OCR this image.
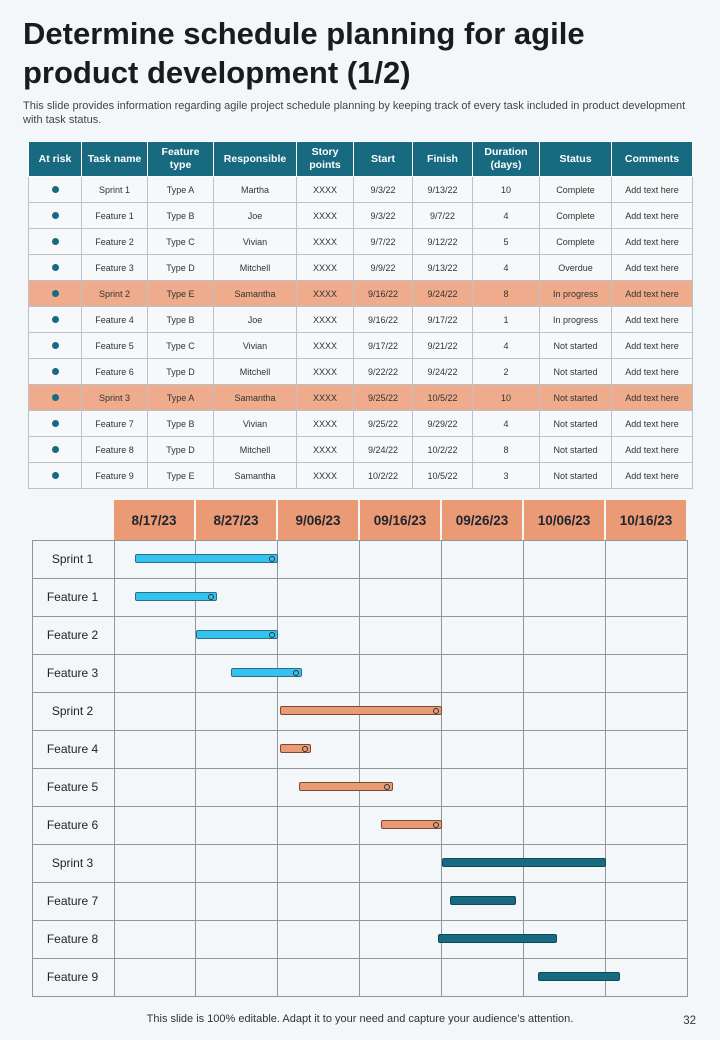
Determine schedule planning for agile product development (1/2)

This slide provides information regarding agile project schedule planning by keeping track of every task included in product development with task status.

At risk	Task name	Feature type	Responsible	Story points	Start	Finish	Duration (days)	Status	Comments
	Sprint 1	Type A	Martha	XXXX	9/3/22	9/13/22	10	Complete	Add text here
	Feature 1	Type B	Joe	XXXX	9/3/22	9/7/22	4	Complete	Add text here
	Feature 2	Type C	Vivian	XXXX	9/7/22	9/12/22	5	Complete	Add text here
	Feature 3	Type D	Mitchell	XXXX	9/9/22	9/13/22	4	Overdue	Add text here
	Sprint 2	Type E	Samantha	XXXX	9/16/22	9/24/22	8	In progress	Add text here
	Feature 4	Type B	Joe	XXXX	9/16/22	9/17/22	1	In progress	Add text here
	Feature 5	Type C	Vivian	XXXX	9/17/22	9/21/22	4	Not started	Add text here
	Feature 6	Type D	Mitchell	XXXX	9/22/22	9/24/22	2	Not started	Add text here
	Sprint 3	Type A	Samantha	XXXX	9/25/22	10/5/22	10	Not started	Add text here
	Feature 7	Type B	Vivian	XXXX	9/25/22	9/29/22	4	Not started	Add text here
	Feature 8	Type D	Mitchell	XXXX	9/24/22	10/2/22	8	Not started	Add text here
	Feature 9	Type E	Samantha	XXXX	10/2/22	10/5/22	3	Not started	Add text here
8/17/23	8/27/23	9/06/23	09/16/23	09/26/23	10/06/23	10/16/23
Sprint 1
Feature 1
Feature 2
Feature 3
Sprint 2
Feature 4
Feature 5
Feature 6
Sprint 3
Feature 7
Feature 8
Feature 9
This slide is 100% editable. Adapt it to your need and capture your audience’s attention.	32
